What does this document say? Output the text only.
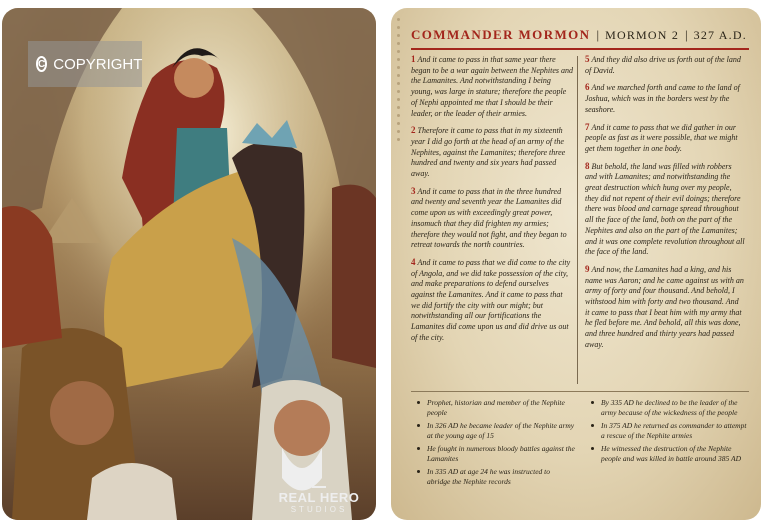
C COPYRIGHT
REAL HERO
STUDIOS
COMMANDER MORMON | MORMON 2 | 327 A.D.

1 And it came to pass in that same year there began to be a war again between the Nephites and the Lamanites. And notwithstanding I being young, was large in stature; therefore the people of Nephi appointed me that I should be their leader, or the leader of their armies.

2 Therefore it came to pass that in my sixteenth year I did go forth at the head of an army of the Nephites, against the Lamanites; therefore three hundred and twenty and six years had passed away.

3 And it came to pass that in the three hundred and twenty and seventh year the Lamanites did come upon us with exceedingly great power, insomuch that they did frighten my armies; therefore they would not fight, and they began to retreat towards the north countries.

4 And it came to pass that we did come to the city of Angola, and we did take possession of the city, and make preparations to defend ourselves against the Lamanites. And it came to pass that we did fortify the city with our might; but notwithstanding all our fortifications the Lamanites did come upon us and did drive us out of the city.

5 And they did also drive us forth out of the land of David.

6 And we marched forth and came to the land of Joshua, which was in the borders west by the seashore.

7 And it came to pass that we did gather in our people as fast as it were possible, that we might get them together in one body.

8 But behold, the land was filled with robbers and with Lamanites; and notwithstanding the great destruction which hung over my people, they did not repent of their evil doings; therefore there was blood and carnage spread throughout all the face of the land, both on the part of the Nephites and also on the part of the Lamanites; and it was one complete revolution throughout all the face of the land.

9 And now, the Lamanites had a king, and his name was Aaron; and he came against us with an army of forty and four thousand. And behold, I withstood him with forty and two thousand. And it came to pass that I beat him with my army that he fled before me. And behold, all this was done, and three hundred and thirty years had passed away.

Prophet, historian and member of the Nephite people
In 326 AD he became leader of the Nephite army at the young age of 15
He fought in numerous bloody battles against the Lamanites
In 335 AD at age 24 he was instructed to abridge the Nephite records
By 335 AD he declined to be the leader of the army because of the wickedness of the people
In 375 AD he returned as commander to attempt a rescue of the Nephite armies
He witnessed the destruction of the Nephite people and was killed in battle around 385 AD
